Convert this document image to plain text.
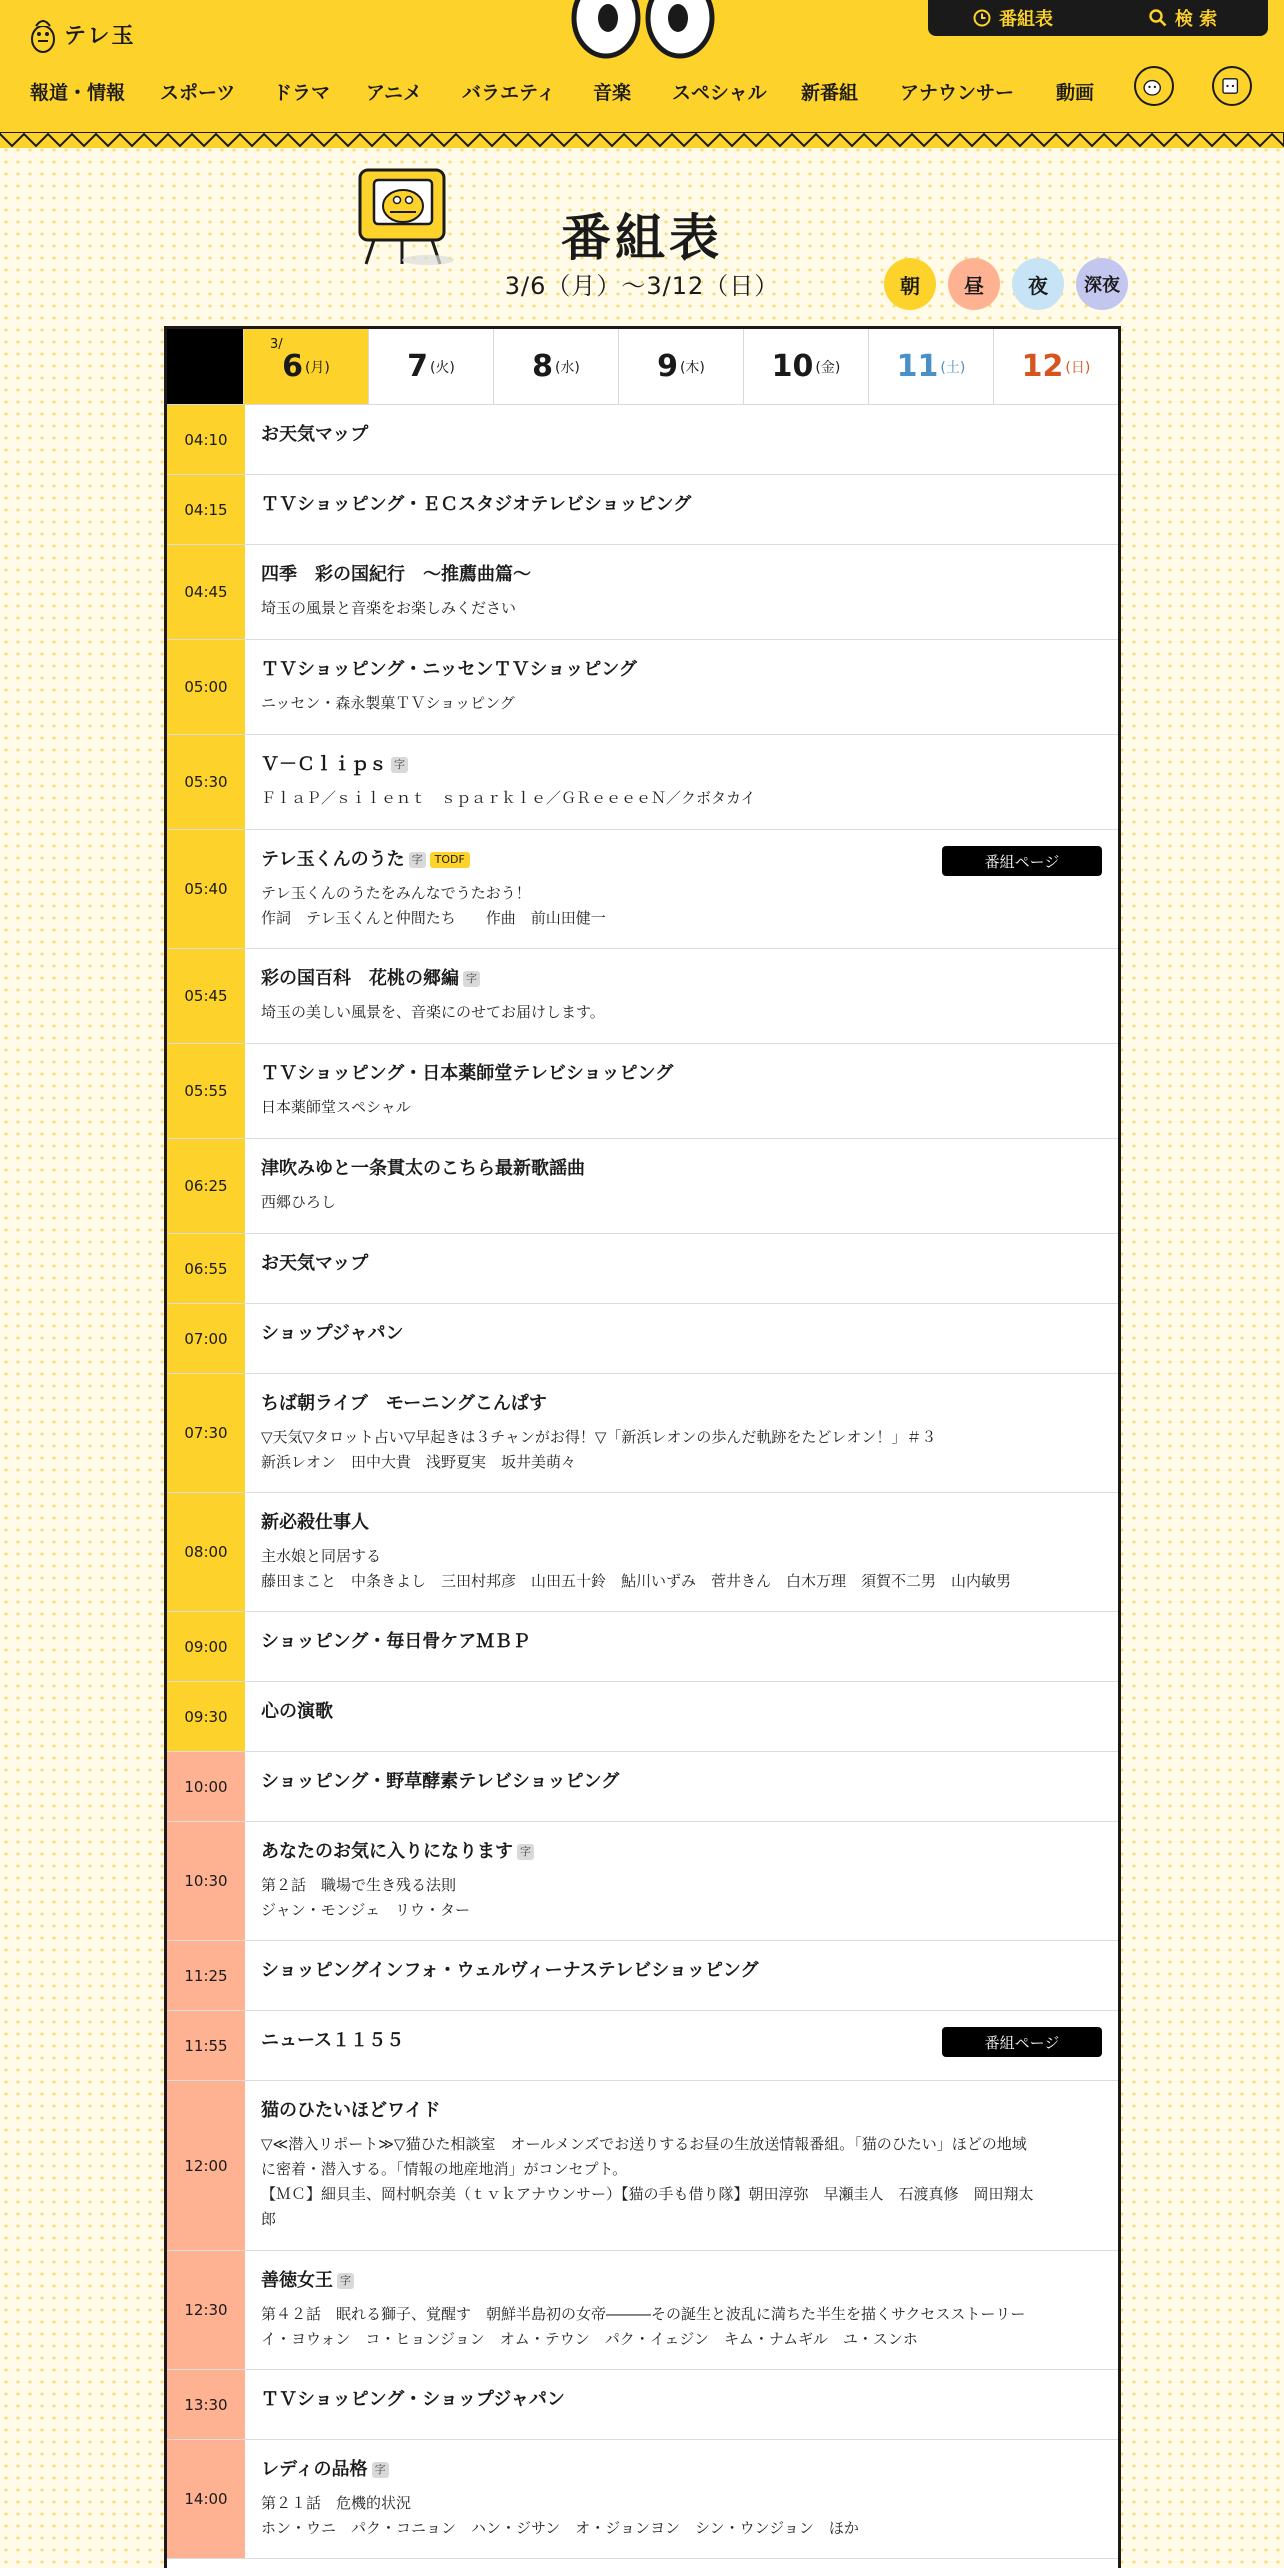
テレ玉
番組表	検 索
報道・情報 スポーツ ドラマ アニメ バラエティ 音楽 スペシャル 新番組 アナウンサー 動画
番組表
3/6（月）〜3/12（日）	朝	昼	夜	深夜
3/
6 (月)	7 (火)	8 (水)	9 (木) 10 (金) 11 (土) 12 (日)
04:10	お天気マップ
04:15	ＴＶショッピング・ＥＣスタジオテレビショッピング
04:45
四季　彩の国紀行　～推薦曲篇～
埼玉の風景と音楽をお楽しみください
05:00
ＴＶショッピング・ニッセンＴＶショッピング
ニッセン・森永製菓ＴＶショッピング
05:30
Ｖ－Ｃｌｉｐｓ 字
ＦｌａＰ／ｓｉｌｅｎｔ　ｓｐａｒｋｌｅ／ＧＲｅｅｅｅＮ／クボタカイ
05:40
テレ玉くんのうた 字	TODF
テレ玉くんのうたをみんなでうたおう！
作詞　テレ玉くんと仲間たち　　作曲　前山田健一
番組ページ
05:45
彩の国百科　花桃の郷編 字
埼玉の美しい風景を、音楽にのせてお届けします。
05:55
ＴＶショッピング・日本薬師堂テレビショッピング
日本薬師堂スペシャル
06:25
津吹みゆと一条貫太のこちら最新歌謡曲
西郷ひろし
06:55	お天気マップ
07:00	ショップジャパン
07:30
ちば朝ライブ　モーニングこんぱす
▽天気▽タロット占い▽早起きは３チャンがお得！▽「新浜レオンの歩んだ軌跡をたどレオン！」＃３
新浜レオン　田中大貴　浅野夏実　坂井美萌々
08:00
新必殺仕事人
主水娘と同居する
藤田まこと　中条きよし　三田村邦彦　山田五十鈴　鮎川いずみ　菅井きん　白木万理　須賀不二男　山内敏男
09:00	ショッピング・毎日骨ケアＭＢＰ
09:30	心の演歌
10:00	ショッピング・野草酵素テレビショッピング
10:30
あなたのお気に入りになります 字
第２話　職場で生き残る法則
ジャン・モンジェ　リウ・ター
11:25	ショッピングインフォ・ウェルヴィーナステレビショッピング
11:55	ニュース１１５５	番組ページ
12:00
猫のひたいほどワイド
▽≪潜入リポート≫▽猫ひた相談室　オールメンズでお送りするお昼の生放送情報番組。「猫のひたい」ほどの地域
に密着・潜入する。「情報の地産地消」がコンセプト。
【ＭＣ】細貝圭、岡村帆奈美（ｔｖｋアナウンサー）【猫の手も借り隊】朝田淳弥　早瀬圭人　石渡真修　岡田翔太
郎
12:30
善徳女王 字
第４２話　眠れる獅子、覚醒す　朝鮮半島初の女帝―――その誕生と波乱に満ちた半生を描くサクセスストーリー
イ・ヨウォン　コ・ヒョンジョン　オム・テウン　パク・イェジン　キム・ナムギル　ユ・スンホ
13:30	ＴＶショッピング・ショップジャパン
14:00
レディの品格 字
第２１話　危機的状況
ホン・ウニ　パク・コニョン　ハン・ジサン　オ・ジョンヨン　シン・ウンジョン　ほか
